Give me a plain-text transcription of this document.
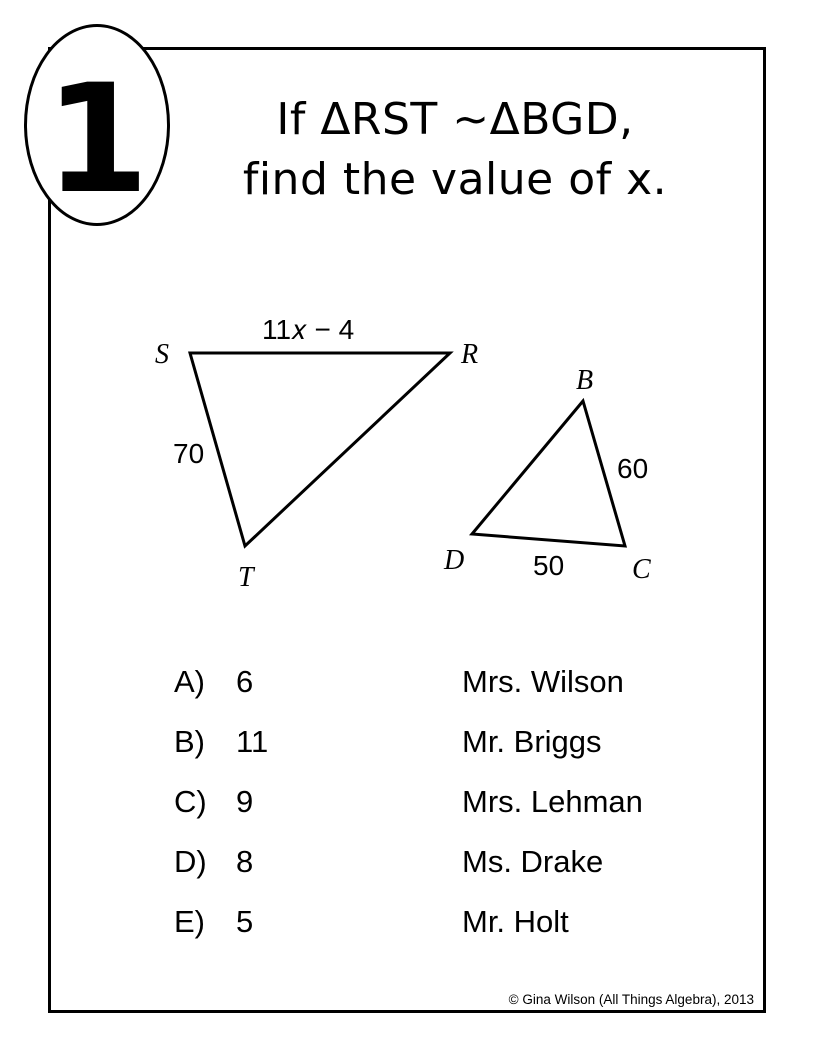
1	If ΔRST ~ΔBGD,
find the value of x.
S	R
T
11𝑥 − 4
70
B
D	C
60
50
A) 6	Mrs. Wilson
B) 11	Mr. Briggs
C) 9	Mrs. Lehman
D) 8	Ms. Drake
E) 5	Mr. Holt
© Gina Wilson (All Things Algebra), 2013
